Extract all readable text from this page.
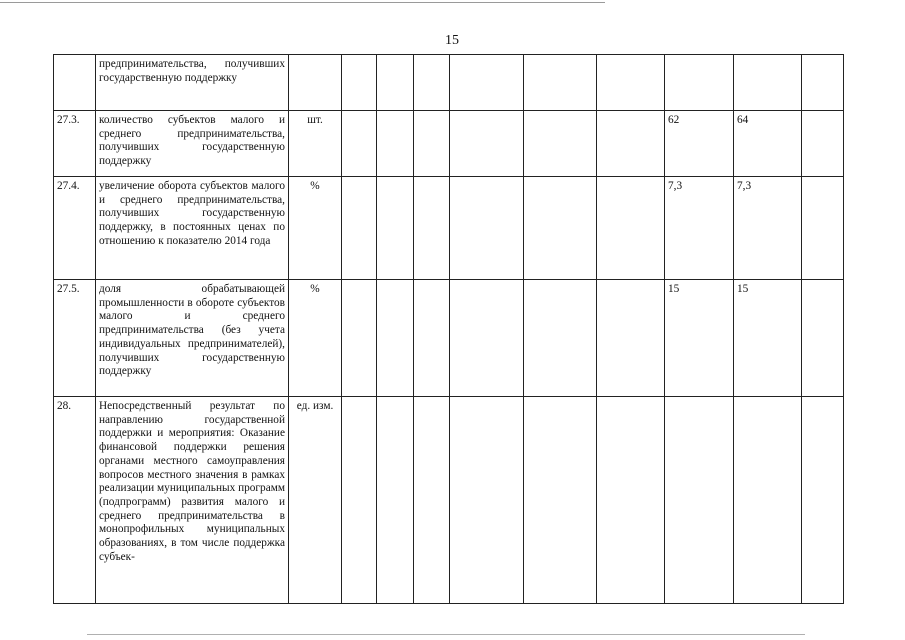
15
	предпринимательства, получивших государственную поддержку										
27.3.	количество субъектов малого и среднего предпринимательства, получивших государственную поддержку	шт.							62	64	
27.4.	увеличение оборота субъектов малого и среднего предпринимательства, получивших государственную поддержку, в постоянных ценах по отношению к показателю 2014 года	%							7,3	7,3	
27.5.	доля обрабатывающей промышленности в обороте субъектов малого и среднего предпринимательства (без учета индивидуальных предпринимателей), получивших государственную поддержку	%							15	15	
28.	Непосредственный результат по направлению государственной поддержки и мероприятия: Оказание финансовой поддержки решения органами местного самоуправления вопросов местного значения в рамках реализации муниципальных программ (подпрограмм) развития малого и среднего предпринимательства в монопрофильных муниципальных образованиях, в том числе поддержка субъек-	ед. изм.									
